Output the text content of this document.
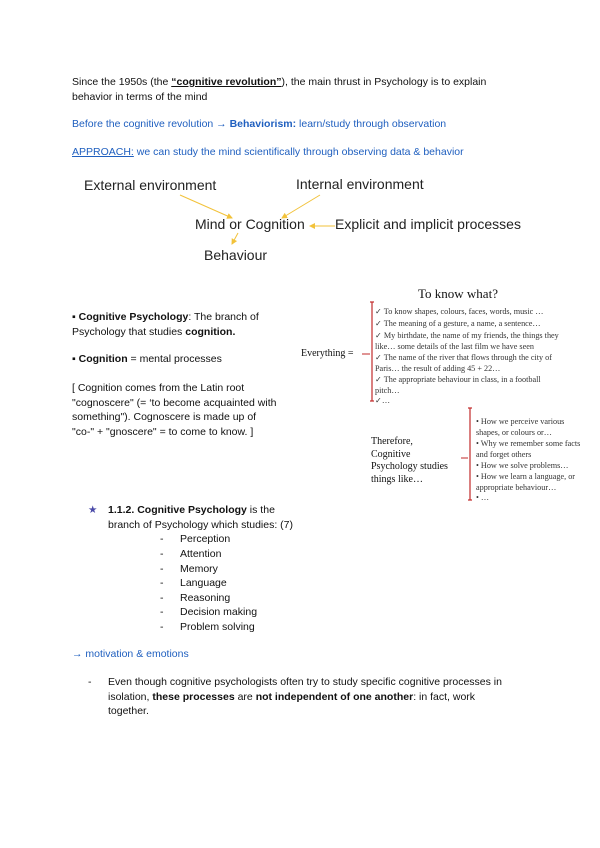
Since the 1950s (the “cognitive revolution”), the main thrust in Psychology is to explain
behavior in terms of the mind
Before the cognitive revolution → Behaviorism: learn/study through observation
APPROACH: we can study the mind scientifically through observing data & behavior
External environment	Internal environment
Mind or Cognition Explicit and implicit processes
Behaviour
▪ Cognitive Psychology: The branch of
Psychology that studies cognition.
▪ Cognition = mental processes
[ Cognition comes from the Latin root
"cognoscere" (= ‘to become acquainted with
something"). Cognoscere is made up of
"co-" + "gnoscere" = to come to know. ]
To know what?
Everything =
✓ To know shapes, colours, faces, words, music …
✓ The meaning of a gesture, a name, a sentence…
✓ My birthdate, the name of my friends, the things they
like… some details of the last film we have seen
✓ The name of the river that flows through the city of
Paris… the result of adding 45 + 22…
✓ The appropriate behaviour in class, in a football
pitch…
✓…
Therefore,
Cognitive
Psychology studies
things like…
• How we perceive various
shapes, or colours or…
• Why we remember some facts
and forget others
• How we solve problems…
• How we learn a language, or
appropriate behaviour…
• …
★ 1.1.2. Cognitive Psychology is the
branch of Psychology which studies: (7)
- Perception
- Attention
- Memory
- Language
- Reasoning
- Decision making
- Problem solving
→ motivation & emotions
- Even though cognitive psychologists often try to study specific cognitive processes in
isolation, these processes are not independent of one another: in fact, work
together.
